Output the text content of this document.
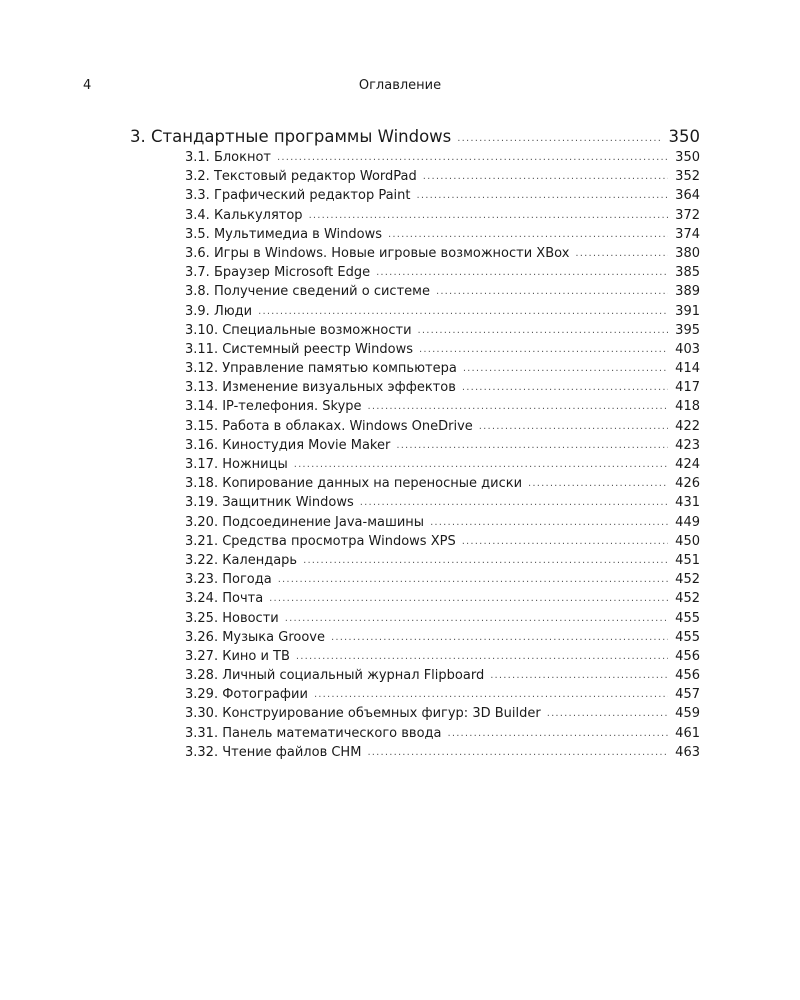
4	Оглавление
3. Стандартные программы Windows . . .	350
3.1. Блокнот . . .	350
3.2. Текстовый редактор WordPad . . .	352
3.3. Графический редактор Paint . . .	364
3.4. Калькулятор . . .	372
3.5. Мультимедиа в Windows . . .	374
3.6. Игры в Windows. Новые игровые возможности XBox . . .	380
3.7. Браузер Microsoft Edge . . .	385
3.8. Получение сведений о системе . . .	389
3.9. Люди . . .	391
3.10. Специальные возможности . . .	395
3.11. Системный реестр Windows . . .	403
3.12. Управление памятью компьютера . . .	414
3.13. Изменение визуальных эффектов . . .	417
3.14. IP-телефония. Skype . . .	418
3.15. Работа в облаках. Windows OneDrive . . .	422
3.16. Киностудия Movie Maker . . .	423
3.17. Ножницы . . .	424
3.18. Копирование данных на переносные диски . . .	426
3.19. Защитник Windows . . .	431
3.20. Подсоединение Java-машины . . .	449
3.21. Средства просмотра Windows XPS . . .	450
3.22. Календарь . . .	451
3.23. Погода . . .	452
3.24. Почта . . .	452
3.25. Новости . . .	455
3.26. Музыка Groove . . .	455
3.27. Кино и ТВ . . .	456
3.28. Личный социальный журнал Flipboard . . .	456
3.29. Фотографии . . .	457
3.30. Конструирование объемных фигур: 3D Builder . . .	459
3.31. Панель математического ввода . . .	461
3.32. Чтение файлов CHM . . .	463
